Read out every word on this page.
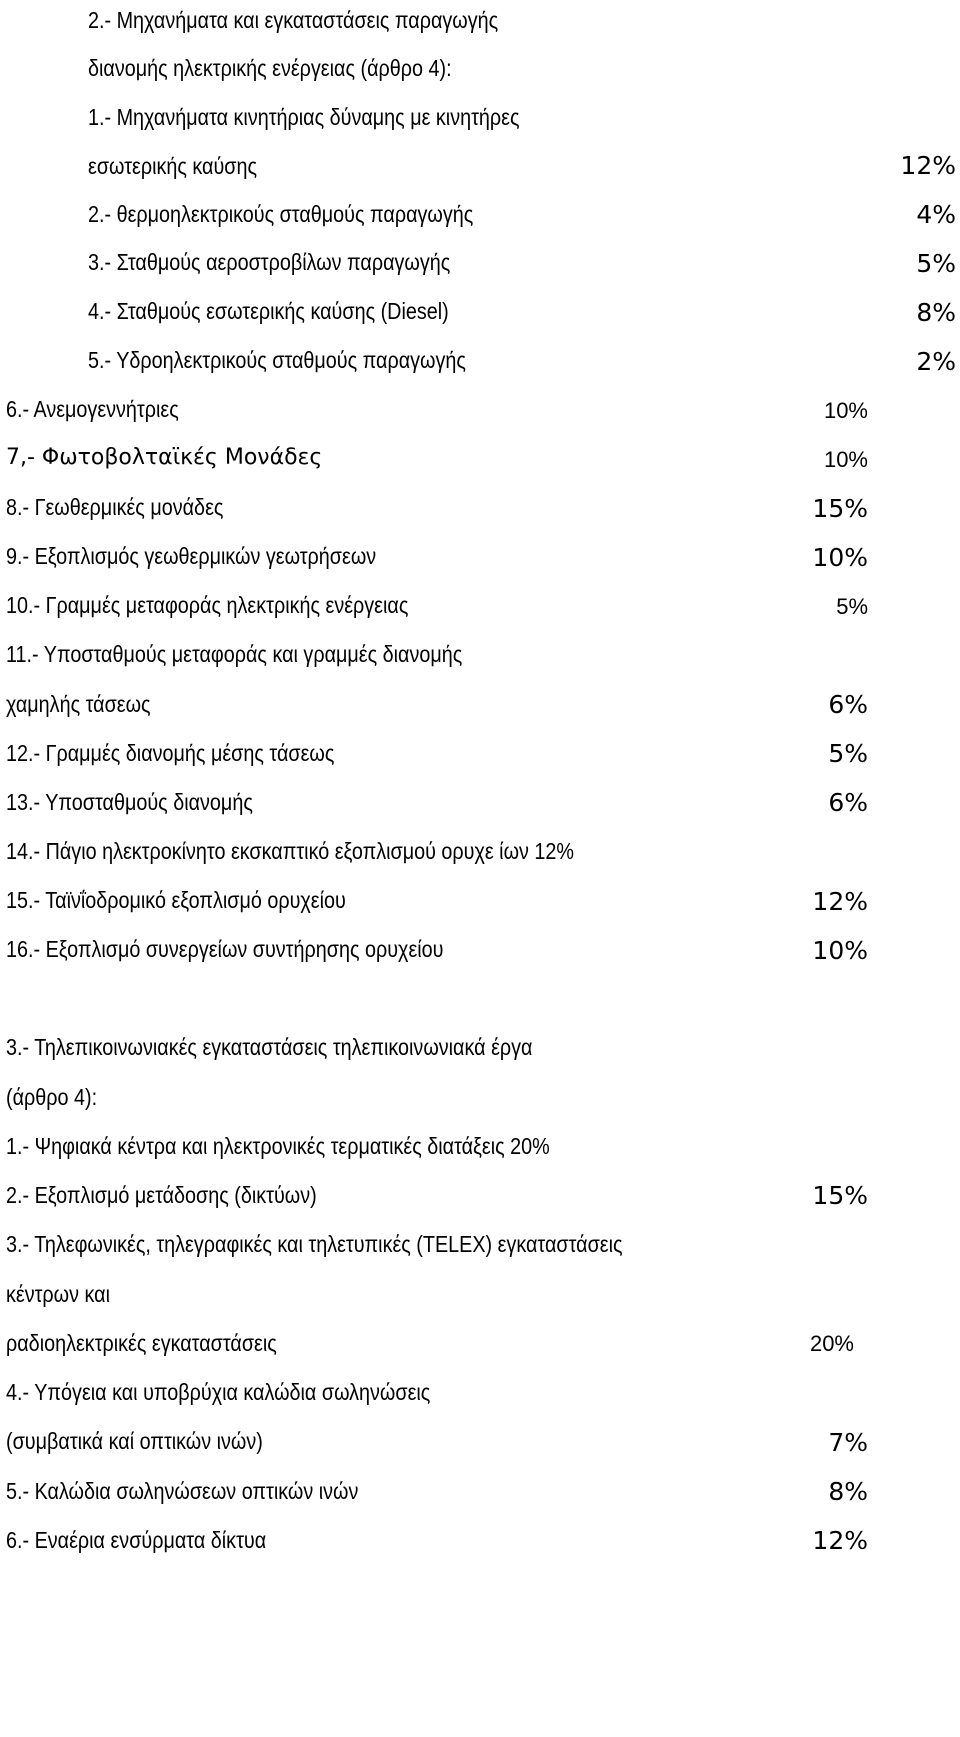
2.- Μηχανήματα και εγκαταστάσεις παραγωγής
διανομής ηλεκτρικής ενέργειας (άρθρο 4):
1.- Μηχανήματα κινητήριας δύναμης με κινητήρες
εσωτερικής καύσης	12%
2.- θερμοηλεκτρικούς σταθμούς παραγωγής	4%
3.- Σταθμούς αεροστροβίλων παραγωγής	5%
4.- Σταθμούς εσωτερικής καύσης (Diesel)	8%
5.- Υδροηλεκτρικούς σταθμούς παραγωγής	2%
6.- Ανεμογεννήτριες	10%
7,- Φωτοβολταϊκές Μονάδες	10%
8.- Γεωθερμικές μονάδες	15%
9.- Εξοπλισμός γεωθερμικών γεωτρήσεων	10%
10.- Γραμμές μεταφοράς ηλεκτρικής ενέργειας	5%
11.- Υποσταθμούς μεταφοράς και γραμμές διανομής
χαμηλής τάσεως	6%
12.- Γραμμές διανομής μέσης τάσεως	5%
13.- Υποσταθμούς διανομής	6%
14.- Πάγιο ηλεκτροκίνητο εκσκαπτικό εξοπλισμού ορυχε ίων 12%
15.- Ταϊνΐοδρομικό εξοπλισμό ορυχείου	12%
16.- Εξοπλισμό συνεργείων συντήρησης ορυχείου	10%
3.- Τηλεπικοινωνιακές εγκαταστάσεις τηλεπικοινωνιακά έργα
(άρθρο 4):
1.- Ψηφιακά κέντρα και ηλεκτρονικές τερματικές διατάξεις 20%
2.- Εξοπλισμό μετάδοσης (δικτύων)	15%
3.- Τηλεφωνικές, τηλεγραφικές και τηλετυπικές (ΤELEX) εγκαταστάσεις
κέντρων και
ραδιοηλεκτρικές εγκαταστάσεις	20%
4.- Υπόγεια και υποβρύχια καλώδια σωληνώσεις
(συμβατικά καί οπτικών ινών)	7%
5.- Καλώδια σωληνώσεων οπτικών ινών	8%
6.- Εναέρια ενσύρματα δίκτυα	12%
